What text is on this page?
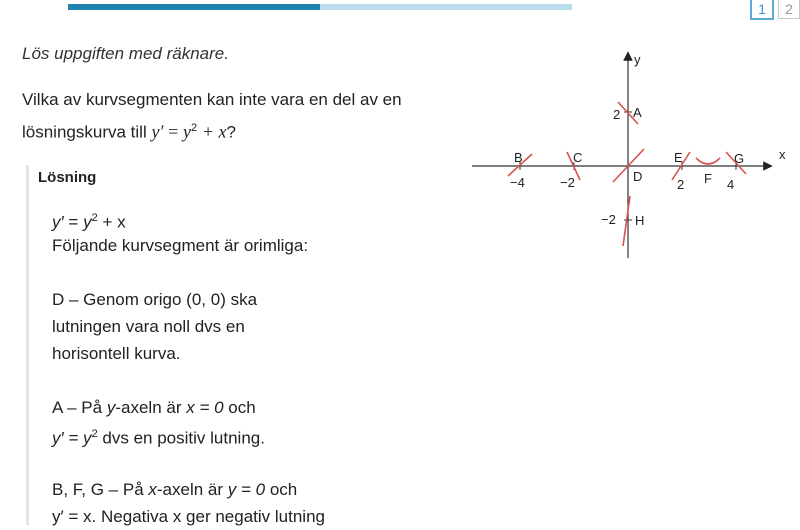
1	2
Lös uppgiften med räknare.
Vilka av kurvsegmenten kan inte vara en del av en
lösningskurva till $y' = y^2 + x$?
Lösning
$y' = y^2 + x$
Följande kurvsegment är orimliga:
D – Genom origo (0, 0) ska
lutningen vara noll dvs en
horisontell kurva.
A – På y-axeln är x = 0 och
$y' = y^2$ dvs en positiv lutning.
B, F, G – På x-axeln är y = 0 och
y′ = x. Negativa x ger negativ lutning
x
y
−4	−2	2	4
2
−2
A
B	C
D
E
F
G
H
